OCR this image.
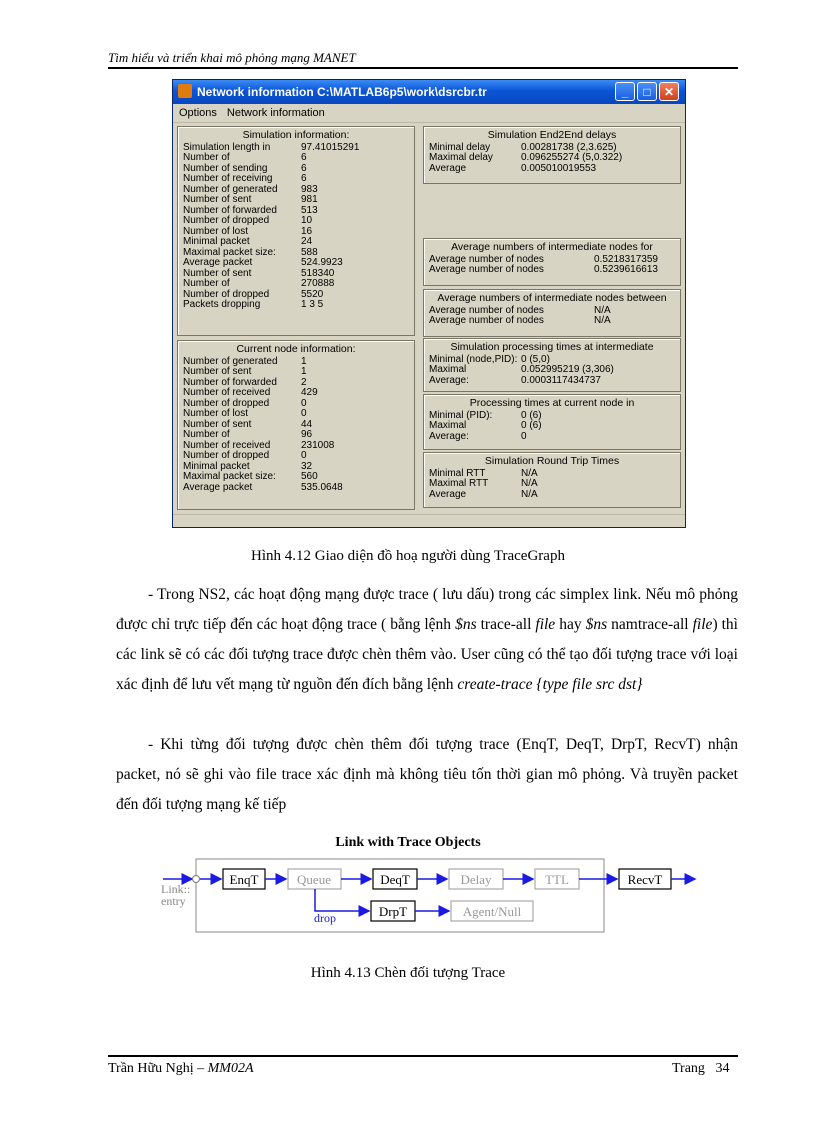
Tìm hiểu và triển khai mô phỏng mạng MANET
Network information C:\MATLAB6p5\work\dsrcbr.tr	_	□	✕
Options Network information
Simulation information:
Simulation length in	97.41015291
Number of	6
Number of sending	6
Number of receiving	6
Number of generated	983
Number of sent	981
Number of forwarded	513
Number of dropped	10
Number of lost	16
Minimal packet	24
Maximal packet size:	588
Average packet	524.9923
Number of sent	518340
Number of	270888
Number of dropped	5520
Packets dropping	1 3 5
Current node information:
Number of generated	1
Number of sent	1
Number of forwarded	2
Number of received	429
Number of dropped	0
Number of lost	0
Number of sent	44
Number of	96
Number of received	231008
Number of dropped	0
Minimal packet	32
Maximal packet size:	560
Average packet	535.0648
Simulation End2End delays
Minimal delay	0.00281738 (2,3.625)
Maximal delay	0.096255274 (5,0.322)
Average	0.005010019553
Average numbers of intermediate nodes for
Average number of nodes	0.5218317359
Average number of nodes	0.5239616613
Average numbers of intermediate nodes between
Average number of nodes	N/A
Average number of nodes	N/A
Simulation processing times at intermediate
Minimal (node,PID): 0 (5,0)
Maximal	0.052995219 (3,306)
Average:	0.0003117434737
Processing times at current node in
Minimal (PID):	0 (6)
Maximal	0 (6)
Average:	0
Simulation Round Trip Times
Minimal RTT	N/A
Maximal RTT	N/A
Average	N/A
Hình 4.12 Giao diện đồ hoạ người dùng TraceGraph

- Trong NS2, các hoạt động mạng được trace ( lưu dấu) trong các simplex link. Nếu mô phỏng được chỉ trực tiếp đến các hoạt động trace ( bằng lệnh $ns trace-all file hay $ns namtrace-all file) thì các link sẽ có các đối tượng trace được chèn thêm vào. User cũng có thể tạo đối tượng trace với loại xác định để lưu vết mạng từ nguồn đến đích bằng lệnh create-trace {type file src dst}

- Khi từng đối tượng được chèn thêm đối tượng trace (EnqT, DeqT, DrpT, RecvT) nhận packet, nó sẽ ghi vào file trace xác định mà không tiêu tốn thời gian mô phỏng. Và truyền packet đến đối tượng mạng kế tiếp

Link with Trace Objects
Link::
entry
EnqT	Queue	DeqT	Delay	TTL	RecvT
drop	DrpT	Agent/Null
Hình 4.13 Chèn đối tượng Trace
Trần Hữu Nghị – MM02A	Trang 34
